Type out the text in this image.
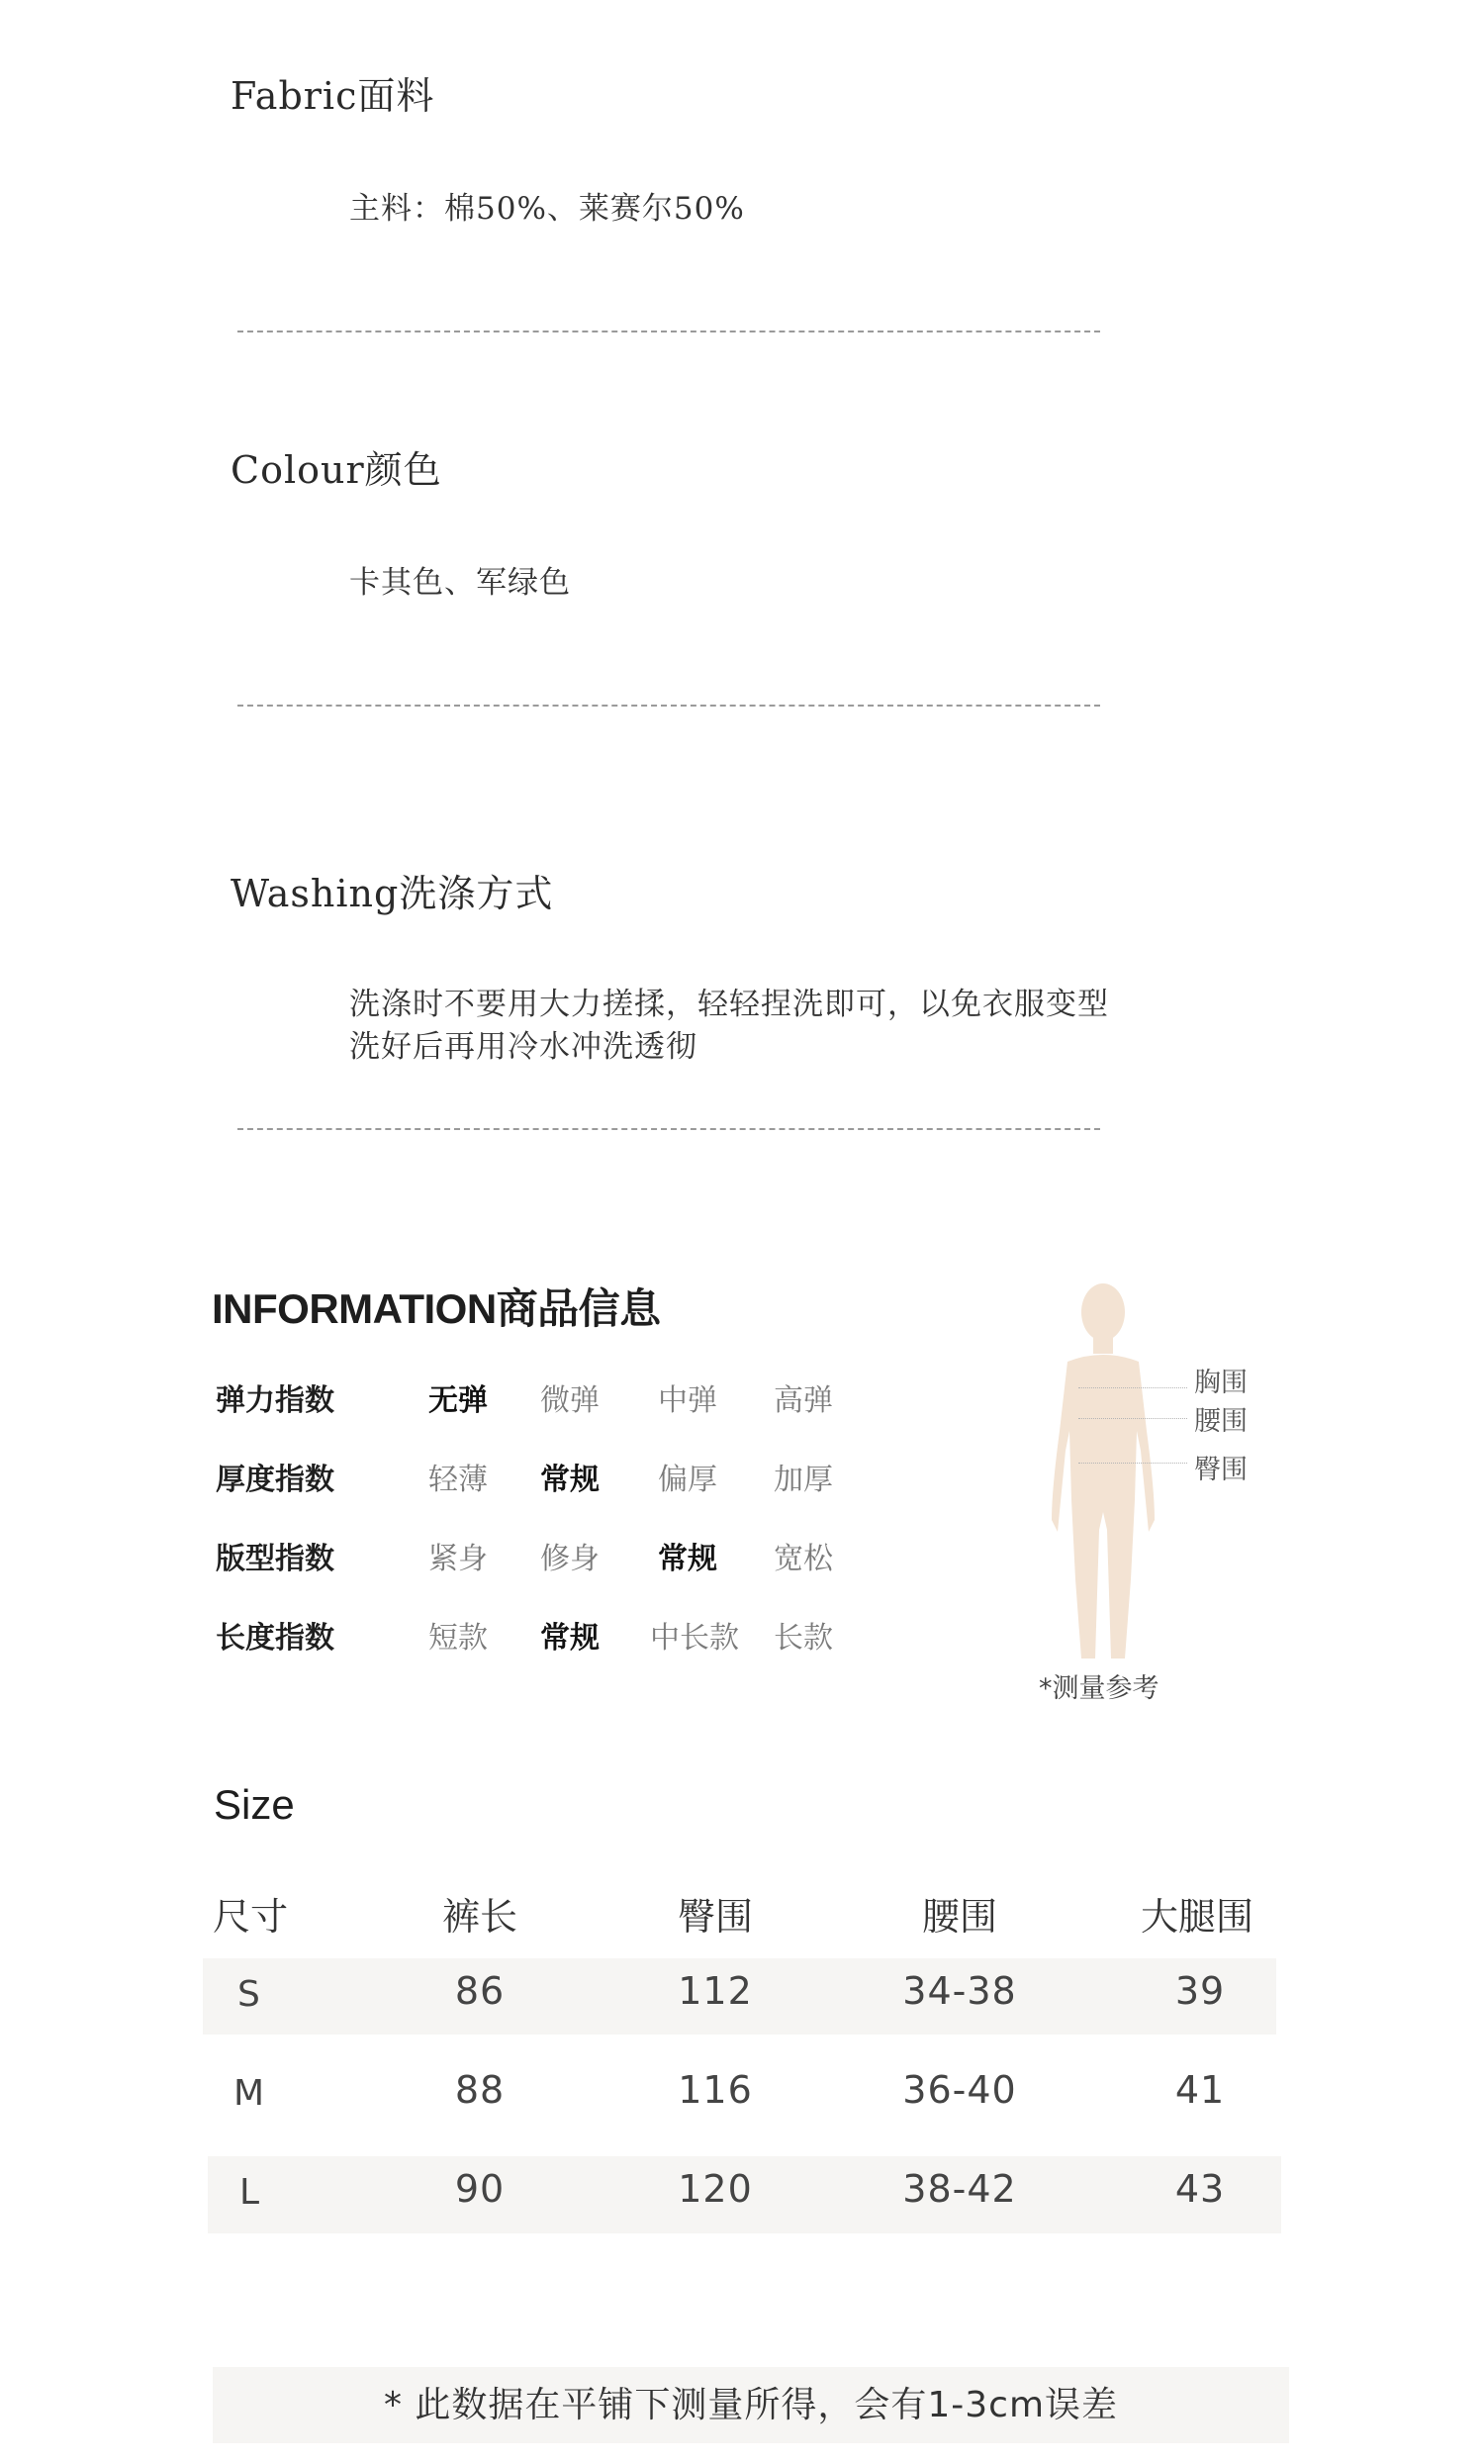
Fabric面料
主料：棉50%、莱赛尔50%
Colour颜色
卡其色、军绿色
Washing洗涤方式
洗涤时不要用大力搓揉，轻轻捏洗即可，以免衣服变型
洗好后再用冷水冲洗透彻
INFORMATION商品信息
弹力指数	无弹 微弹 中弹 高弹
厚度指数	轻薄 常规 偏厚 加厚
版型指数	紧身 修身 常规 宽松
长度指数	短款 常规 中长款 长款
胸围
腰围
臀围
*测量参考
Size
尺寸	裤长	臀围	腰围	大腿围
S	86	112	34-38	39
M	88	116	36-40	41
L	90	120	38-42	43
* 此数据在平铺下测量所得，会有1-3cm误差
